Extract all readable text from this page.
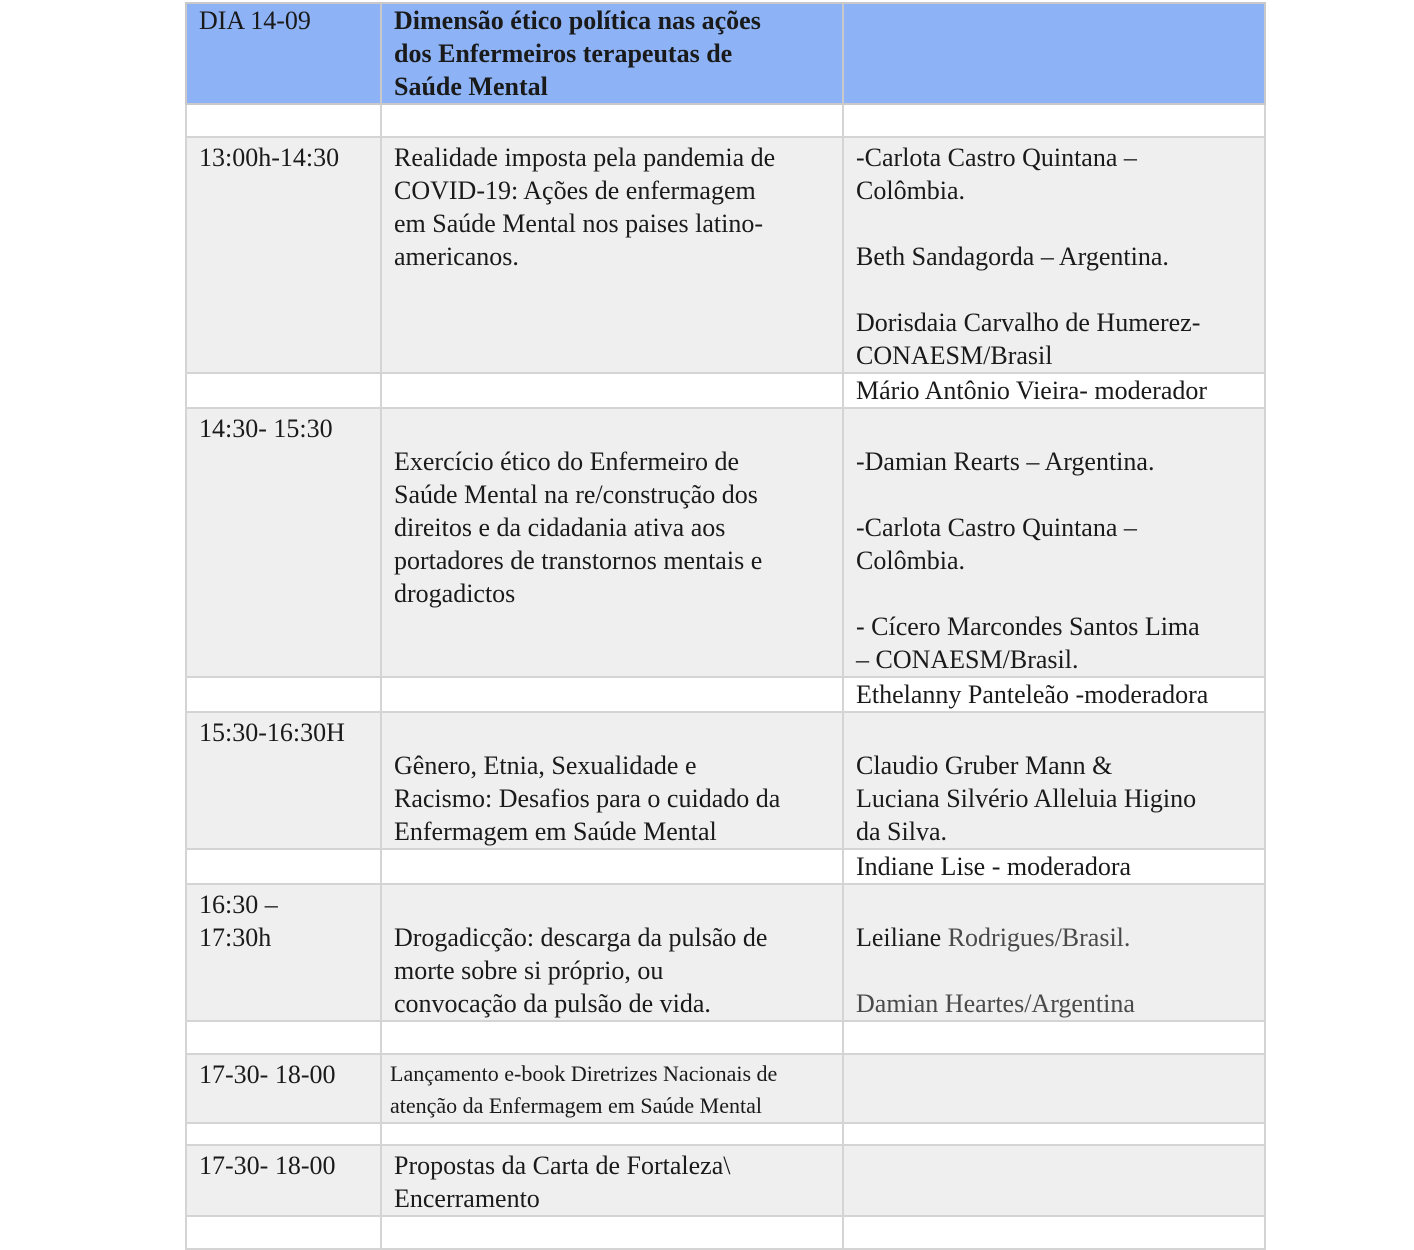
DIA 14-09	Dimensão ético política nas ações
dos Enfermeiros terapeutas de
Saúde Mental	

13:00h-14:30	Realidade imposta pela pandemia de
COVID-19: Ações de enfermagem
em Saúde Mental nos paises latino-
americanos.	-Carlota Castro Quintana –
Colômbia.
Beth Sandagorda – Argentina.
Dorisdaia Carvalho de Humerez-
CONAESM/Brasil

		Mário Antônio Vieira- moderador

14:30- 15:30	Exercício ético do Enfermeiro de
Saúde Mental na re/construção dos
direitos e da cidadania ativa aos
portadores de transtornos mentais e
drogadictos	-Damian Rearts – Argentina.
-Carlota Castro Quintana –
Colômbia.
- Cícero Marcondes Santos Lima
– CONAESM/Brasil.

		Ethelanny Panteleão -moderadora

15:30-16:30H	Gênero, Etnia, Sexualidade e
Racismo: Desafios para o cuidado da
Enfermagem em Saúde Mental	Claudio Gruber Mann &
Luciana Silvério Alleluia Higino
da Silva.

		Indiane Lise - moderadora

16:30 –
17:30h	Drogadicção: descarga da pulsão de
morte sobre si próprio, ou
convocação da pulsão de vida.	Leiliane Rodrigues/Brasil.
Damian Heartes/Argentina

17-30- 18-00	Lançamento e-book Diretrizes Nacionais de
atenção da Enfermagem em Saúde Mental	

17-30- 18-00	Propostas da Carta de Fortaleza\
Encerramento	
